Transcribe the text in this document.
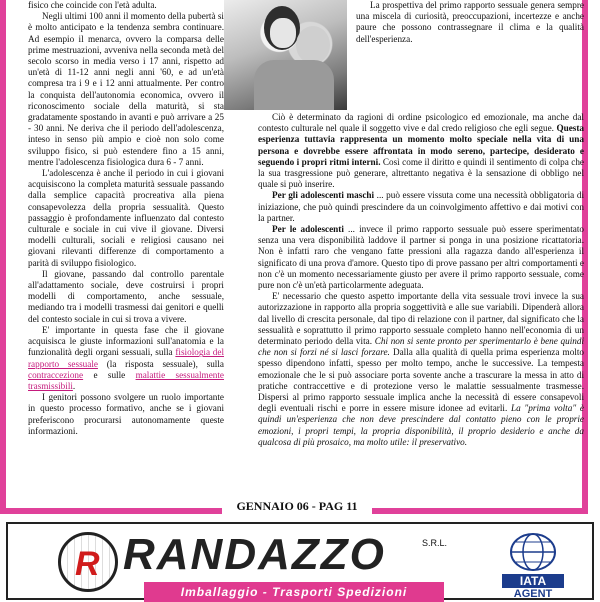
fisico che coincide con l'età adulta.

Negli ultimi 100 anni il momento della pubertà si è molto anticipato e la tendenza sembra continuare. Ad esempio il menarca, ovvero la comparsa delle prime mestruazioni, avveniva nella seconda metà del secolo scorso in media verso i 17 anni, rispetto ad un'età di 11-12 anni negli anni '60, e ad un'età compresa tra i 9 e i 12 anni attualmente. Per contro la conquista dell'autonomia economica, ovvero il riconoscimento sociale della maturità, si sta gradatamente spostando in avanti e può arrivare a 25 - 30 anni. Ne deriva che il periodo dell'adolescenza, inteso in senso più ampio e cioè non solo come sviluppo fisico, si può estendere fino a 15 anni, mentre l'adolescenza fisiologica dura 6 - 7 anni.

L'adolescenza è anche il periodo in cui i giovani acquisiscono la completa maturità sessuale passando dalla semplice capacità procreativa alla piena consapevolezza della propria sessualità. Questo passaggio è profondamente influenzato dal contesto culturale e sociale in cui vive il giovane. Diversi modelli culturali, sociali e religiosi causano nei giovani rilevanti differenze di comportamento a parità di sviluppo fisiologico.

Il giovane, passando dal controllo parentale all'adattamento sociale, deve costruirsi i propri modelli di comportamento, anche sessuale, mediando tra i modelli trasmessi dai genitori e quelli del contesto sociale in cui si trova a vivere.

E' importante in questa fase che il giovane acquisisca le giuste informazioni sull'anatomia e la funzionalità degli organi sessuali, sulla fisiologia del rapporto sessuale (la risposta sessuale), sulla contraccezione e sulle malattie sessualmente trasmissibili.

I genitori possono svolgere un ruolo importante in questo processo formativo, anche se i giovani preferiscono procurarsi autonomamente queste informazioni.

La prospettiva del primo rapporto sessuale genera sempre una miscela di curiosità, preoccupazioni, incertezze e anche paure che possono contrassegnare il clima e la qualità dell'esperienza.

Ciò è determinato da ragioni di ordine psicologico ed emozionale, ma anche dal contesto culturale nel quale il soggetto vive e dal credo religioso che egli segue. Questa esperienza tuttavia rappresenta un momento molto speciale nella vita di una persona e dovrebbe essere affrontata in modo sereno, partecipe, desiderato e seguendo i propri ritmi interni. Così come il diritto e quindi il sentimento di colpa che la sua trasgressione può generare, altrettanto negativa è la sensazione di obbligo nel quale si può inserire.

Per gli adolescenti maschi ... può essere vissuta come una necessità obbligatoria di iniziazione, che può quindi prescindere da un coinvolgimento affettivo e dai motivi con la partner.

Per le adolescenti ... invece il primo rapporto sessuale può essere sperimentato senza una vera disponibilità laddove il partner si ponga in una posizione ricattatoria. Non è infatti raro che vengano fatte pressioni alla ragazza dando all'esperienza il significato di una prova d'amore. Questo tipo di prove passano per altri comportamenti e non c'è un momento necessariamente giusto per avere il primo rapporto sessuale, come pure non c'è un'età particolarmente adeguata.

E' necessario che questo aspetto importante della vita sessuale trovi invece la sua autorizzazione in rapporto alla propria soggettività e alle sue variabili. Dipenderà allora dal livello di crescita personale, dal tipo di relazione con il partner, dal significato che la sessualità e soprattutto il primo rapporto sessuale completo hanno nell'economia di un determinato periodo della vita. Chi non si sente pronto per sperimentarlo è bene quindi che non si forzi né si lasci forzare. Dalla alla qualità di quella prima esperienza molto spesso dipendono infatti, spesso per molto tempo, anche le successive. La tempesta emozionale che le si può associare porta sovente anche a trascurare la messa in atto di pratiche contraccettive e di protezione verso le malattie sessualmente trasmesse. Dispersi al primo rapporto sessuale implica anche la necessità di essere consapevoli degli eventuali rischi e porre in essere misure idonee ad evitarli. La "prima volta" è quindi un'esperienza che non deve prescindere dal contatto pieno con le proprie emozioni, i propri tempi, la propria disponibilità, il proprio desiderio e anche da qualcosa di più prosaico, ma molto utile: il preservativo.

GENNAIO 06 - PAG 11
R RANDAZZO	S.R.L.
Imballaggio - Trasporti Spedizioni
IATA
AGENT
